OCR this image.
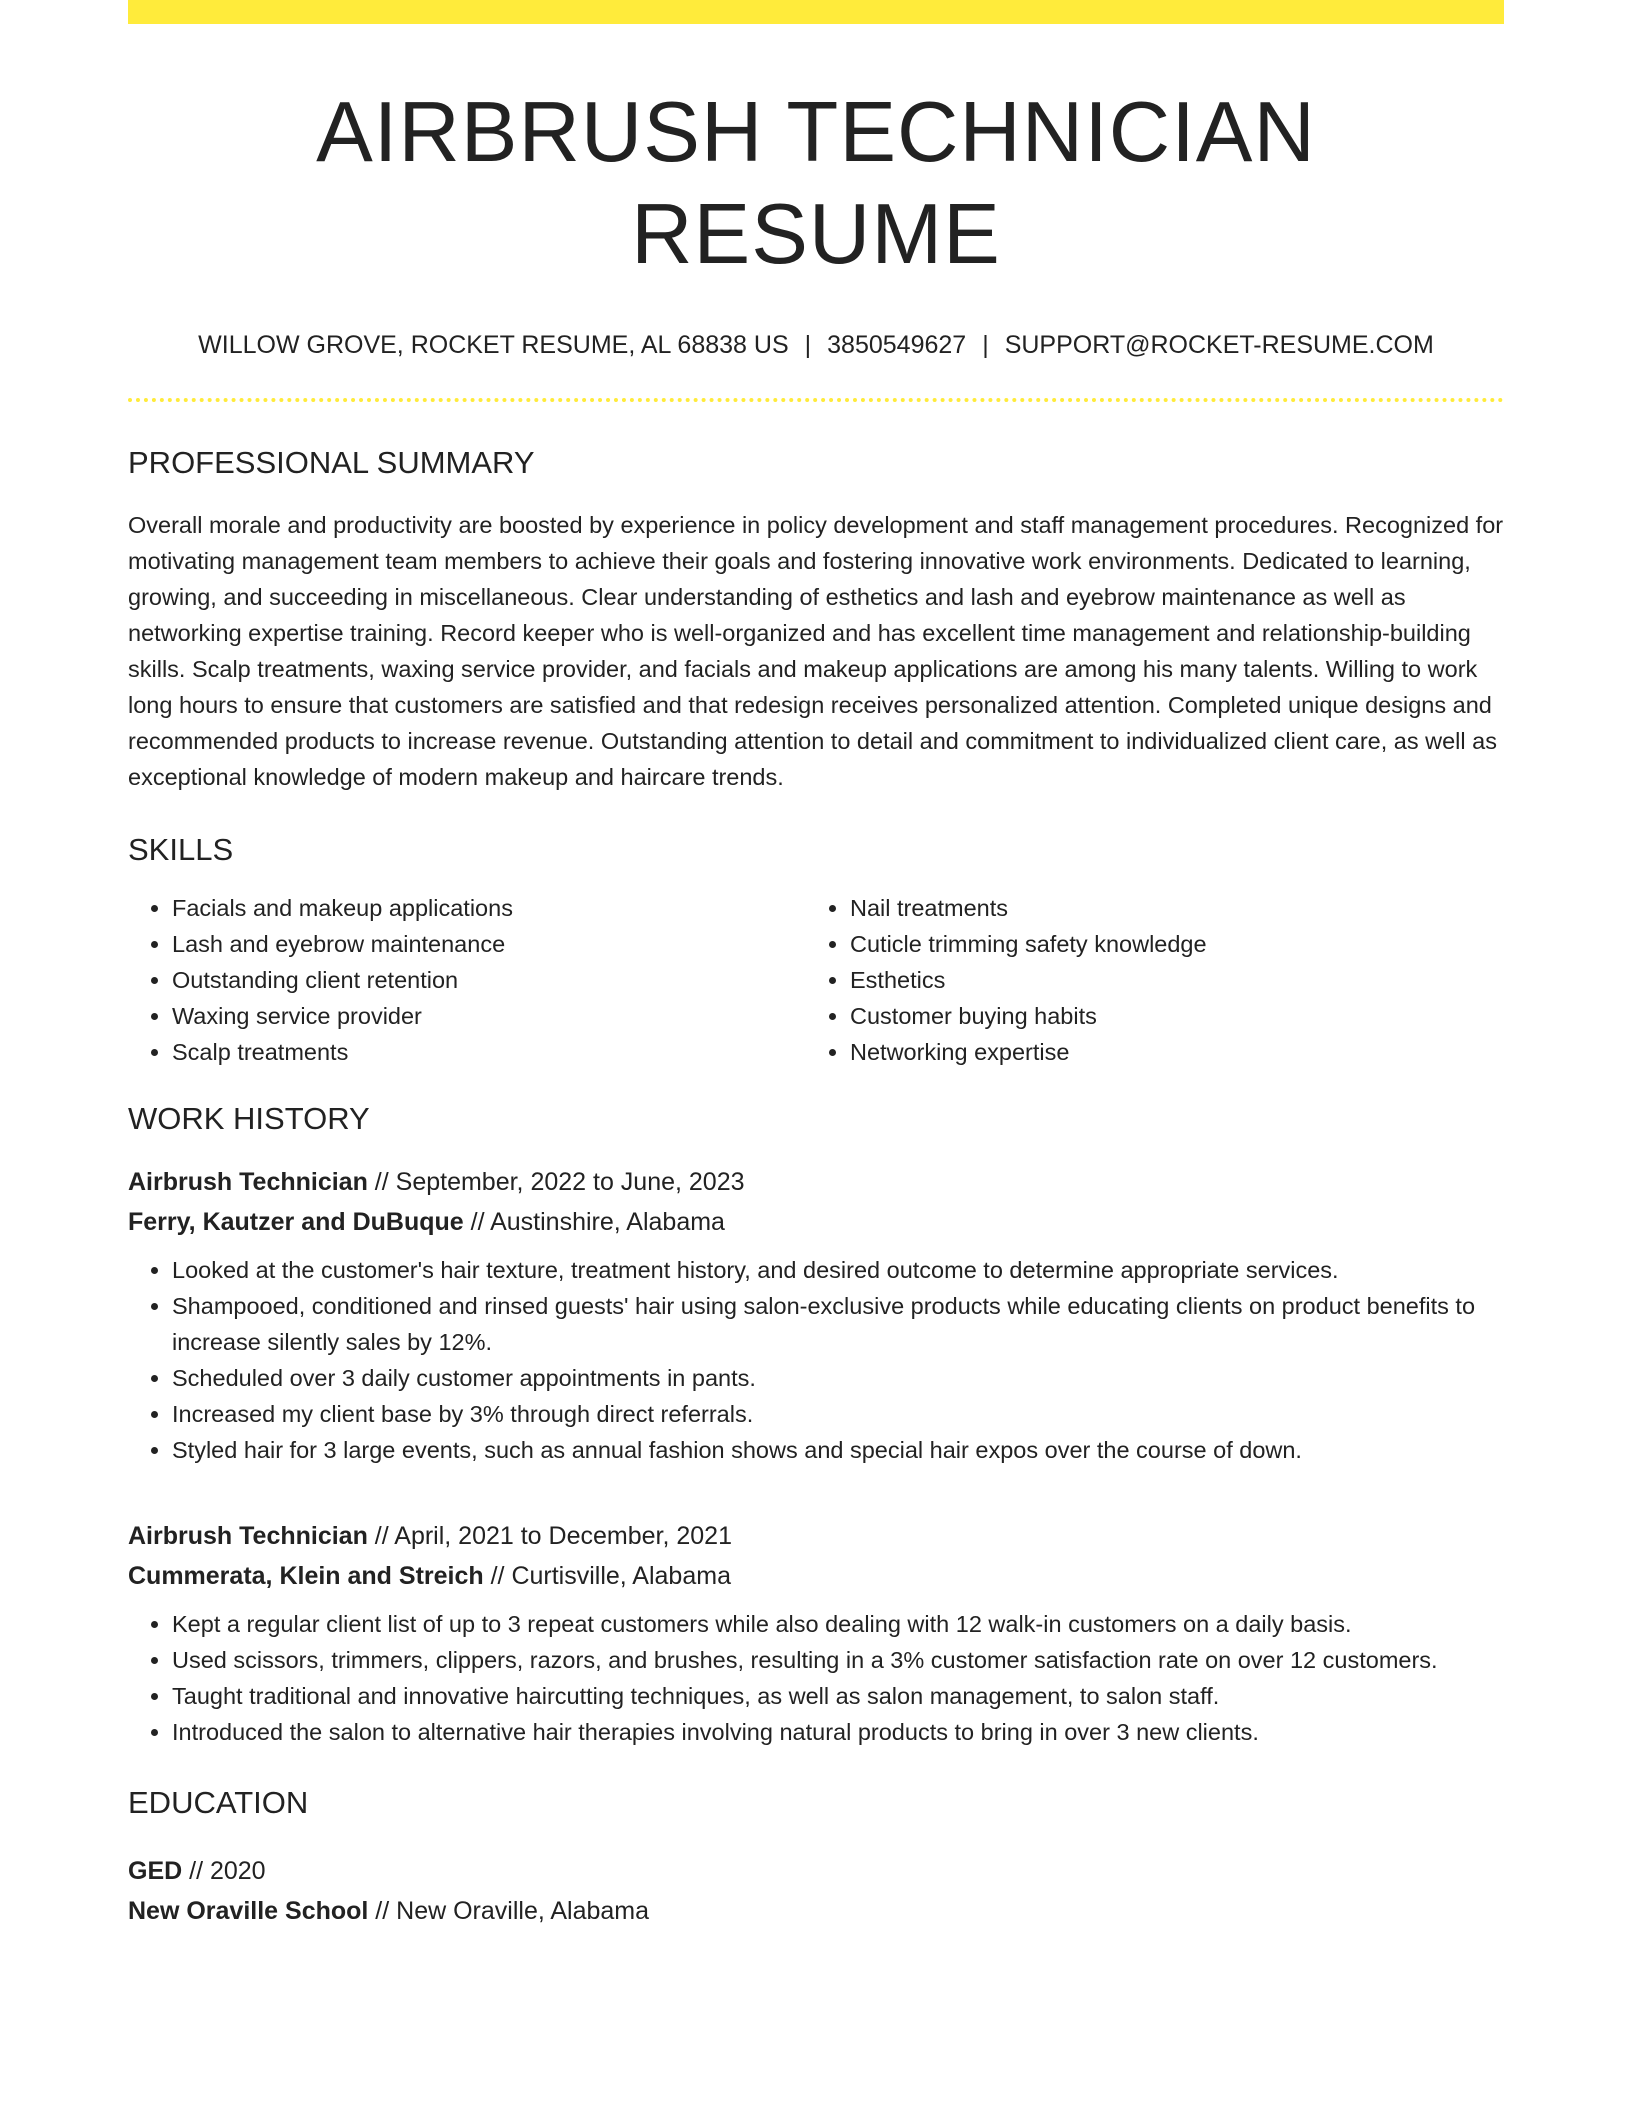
AIRBRUSH TECHNICIAN RESUME
WILLOW GROVE, ROCKET RESUME, AL 68838 US | 3850549627 | SUPPORT@ROCKET-RESUME.COM
PROFESSIONAL SUMMARY

Overall morale and productivity are boosted by experience in policy development and staff management procedures. Recognized for motivating management team members to achieve their goals and fostering innovative work environments. Dedicated to learning, growing, and succeeding in miscellaneous. Clear understanding of esthetics and lash and eyebrow maintenance as well as networking expertise training. Record keeper who is well-organized and has excellent time management and relationship-building skills. Scalp treatments, waxing service provider, and facials and makeup applications are among his many talents. Willing to work long hours to ensure that customers are satisfied and that redesign receives personalized attention. Completed unique designs and recommended products to increase revenue. Outstanding attention to detail and commitment to individualized client care, as well as exceptional knowledge of modern makeup and haircare trends.

SKILLS
• Facials and makeup applications
• Lash and eyebrow maintenance
• Outstanding client retention
• Waxing service provider
• Scalp treatments
• Nail treatments
• Cuticle trimming safety knowledge
• Esthetics
• Customer buying habits
• Networking expertise
WORK HISTORY
Airbrush Technician // September, 2022 to June, 2023
Ferry, Kautzer and DuBuque // Austinshire, Alabama
• Looked at the customer's hair texture, treatment history, and desired outcome to determine appropriate services.
• Shampooed, conditioned and rinsed guests' hair using salon-exclusive products while educating clients on product benefits to increase silently sales by 12%.
• Scheduled over 3 daily customer appointments in pants.
• Increased my client base by 3% through direct referrals.
• Styled hair for 3 large events, such as annual fashion shows and special hair expos over the course of down.
Airbrush Technician // April, 2021 to December, 2021
Cummerata, Klein and Streich // Curtisville, Alabama
• Kept a regular client list of up to 3 repeat customers while also dealing with 12 walk-in customers on a daily basis.
• Used scissors, trimmers, clippers, razors, and brushes, resulting in a 3% customer satisfaction rate on over 12 customers.
• Taught traditional and innovative haircutting techniques, as well as salon management, to salon staff.
• Introduced the salon to alternative hair therapies involving natural products to bring in over 3 new clients.
EDUCATION
GED // 2020
New Oraville School // New Oraville, Alabama
